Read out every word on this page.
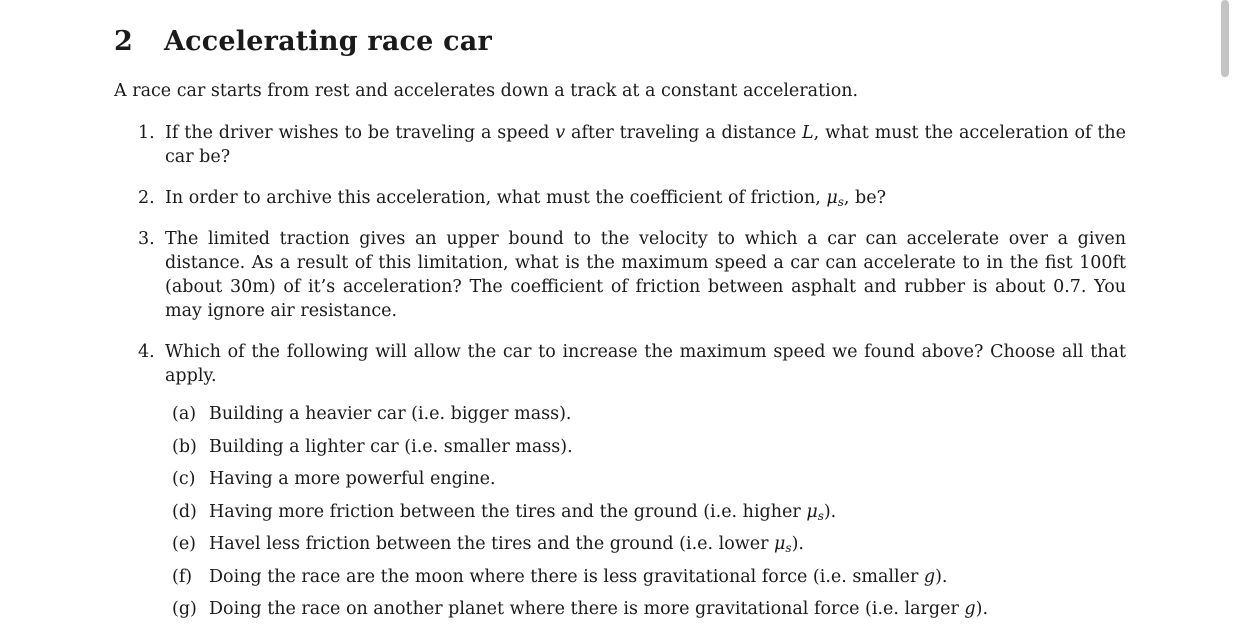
2 Accelerating race car
A race car starts from rest and accelerates down a track at a constant acceleration.
1. If the driver wishes to be traveling a speed v after traveling a distance L, what must the acceleration of the car be?
2. In order to archive this acceleration, what must the coefficient of friction, $\mu_s$, be?
3. The limited traction gives an upper bound to the velocity to which a car can accelerate over a given distance. As a result of this limitation, what is the maximum speed a car can accelerate to in the fist 100ft (about 30m) of it’s acceleration? The coefficient of friction between asphalt and rubber is about 0.7. You may ignore air resistance.
4. Which of the following will allow the car to increase the maximum speed we found above? Choose all that apply.
(a) Building a heavier car (i.e. bigger mass).
(b) Building a lighter car (i.e. smaller mass).
(c) Having a more powerful engine.
(d) Having more friction between the tires and the ground (i.e. higher $\mu_s$).
(e) Havel less friction between the tires and the ground (i.e. lower $\mu_s$).
(f) Doing the race are the moon where there is less gravitational force (i.e. smaller g).
(g) Doing the race on another planet where there is more gravitational force (i.e. larger g).
